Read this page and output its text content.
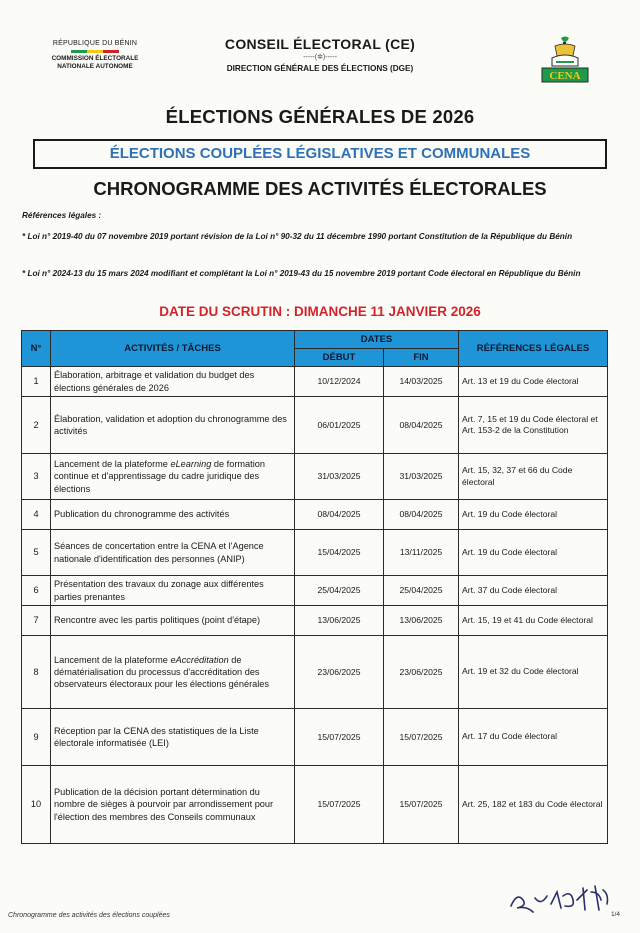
RÉPUBLIQUE DU BÉNIN
COMMISSION ÉLECTORALE
NATIONALE AUTONOME
CONSEIL ÉLECTORAL (CE)
-----(✲)-----
DIRECTION GÉNÉRALE DES ÉLECTIONS (DGE)
CENA
ÉLECTIONS GÉNÉRALES DE 2026
ÉLECTIONS COUPLÉES LÉGISLATIVES ET COMMUNALES
CHRONOGRAMME DES ACTIVITÉS ÉLECTORALES
Références légales :
* Loi n° 2019-40 du 07 novembre 2019 portant révision de la Loi n° 90-32 du 11 décembre 1990 portant Constitution de la République du Bénin
* Loi n° 2024-13 du 15 mars 2024 modifiant et complétant la Loi n° 2019-43 du 15 novembre 2019 portant Code électoral en République du Bénin
DATE DU SCRUTIN : DIMANCHE 11 JANVIER 2026
N°	ACTIVITÉS / TÂCHES	DATES		RÉFÉRENCES LÉGALES
		DÉBUT	FIN	
1	Élaboration, arbitrage et validation du budget des élections générales de 2026	10/12/2024	14/03/2025	Art. 13 et 19 du Code électoral
2	Élaboration, validation et adoption du chronogramme des activités	06/01/2025	08/04/2025	Art. 7, 15 et 19 du Code électoral et Art. 153-2 de la Constitution
3	Lancement de la plateforme eLearning de formation continue et d'apprentissage du cadre juridique des élections	31/03/2025	31/03/2025	Art. 15, 32, 37 et 66 du Code électoral
4	Publication du chronogramme des activités	08/04/2025	08/04/2025	Art. 19 du Code électoral
5	Séances de concertation entre la CENA et l'Agence nationale d'identification des personnes (ANIP)	15/04/2025	13/11/2025	Art. 19 du Code électoral
6	Présentation des travaux du zonage aux différentes parties prenantes	25/04/2025	25/04/2025	Art. 37 du Code électoral
7	Rencontre avec les partis politiques (point d'étape)	13/06/2025	13/06/2025	Art. 15, 19 et 41 du Code électoral
8	Lancement de la plateforme eAccréditation de dématérialisation du processus d'accréditation des observateurs électoraux pour les élections générales	23/06/2025	23/06/2025	Art. 19 et 32 du Code électoral
9	Réception par la CENA des statistiques de la Liste électorale informatisée (LEI)	15/07/2025	15/07/2025	Art. 17 du Code électoral
10	Publication de la décision portant détermination du nombre de sièges à pourvoir par arrondissement pour l'élection des membres des Conseils communaux	15/07/2025	15/07/2025	Art. 25, 182 et 183 du Code électoral
Chronogramme des activités des élections couplées	1/4
